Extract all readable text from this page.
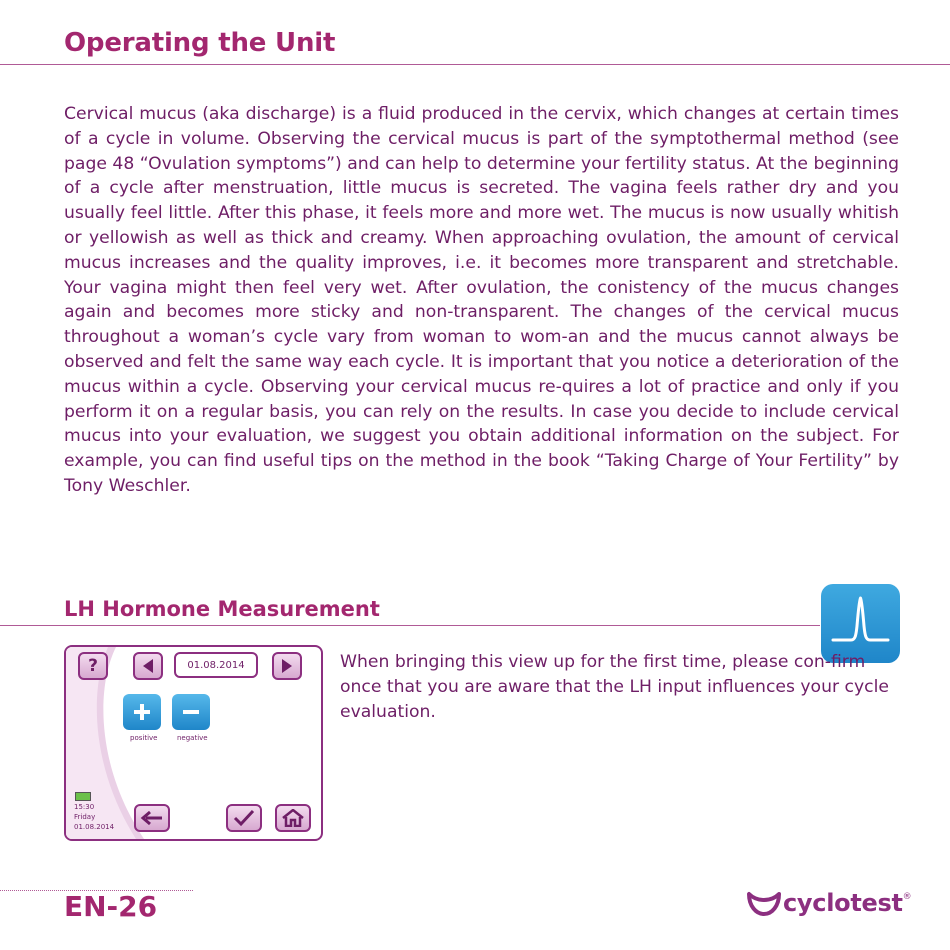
Operating the Unit
Cervical mucus (aka discharge) is a fluid produced in the cervix, which changes at certain times of a cycle in volume. Observing the cervical mucus is part of the symptothermal method (see page 48 “Ovulation symptoms”) and can help to determine your fertility status. At the beginning of a cycle after menstruation, little mucus is secreted. The vagina feels rather dry and you usually feel little. After this phase, it feels more and more wet. The mucus is now usually whitish or yellowish as well as thick and creamy. When approaching ovulation, the amount of cervical mucus increases and the quality improves, i.e. it becomes more transparent and stretchable. Your vagina might then feel very wet. After ovulation, the conistency of the mucus changes again and becomes more sticky and non-transparent. The changes of the cervical mucus throughout a woman’s cycle vary from woman to wom-an and the mucus cannot always be observed and felt the same way each cycle. It is important that you notice a deterioration of the mucus within a cycle. Observing your cervical mucus re-quires a lot of practice and only if you perform it on a regular basis, you can rely on the results. In case you decide to include cervical mucus into your evaluation, we suggest you obtain additional information on the subject. For example, you can find useful tips on the method in the book “Taking Charge of Your Fertility” by Tony Weschler.
LH Hormone Measurement
?	01.08.2014
positive	negative
15:30
Friday
01.08.2014
When bringing this view up for the first time, please con-firm once that you are aware that the LH input influences your cycle evaluation.
EN-26	cyclotest ®
